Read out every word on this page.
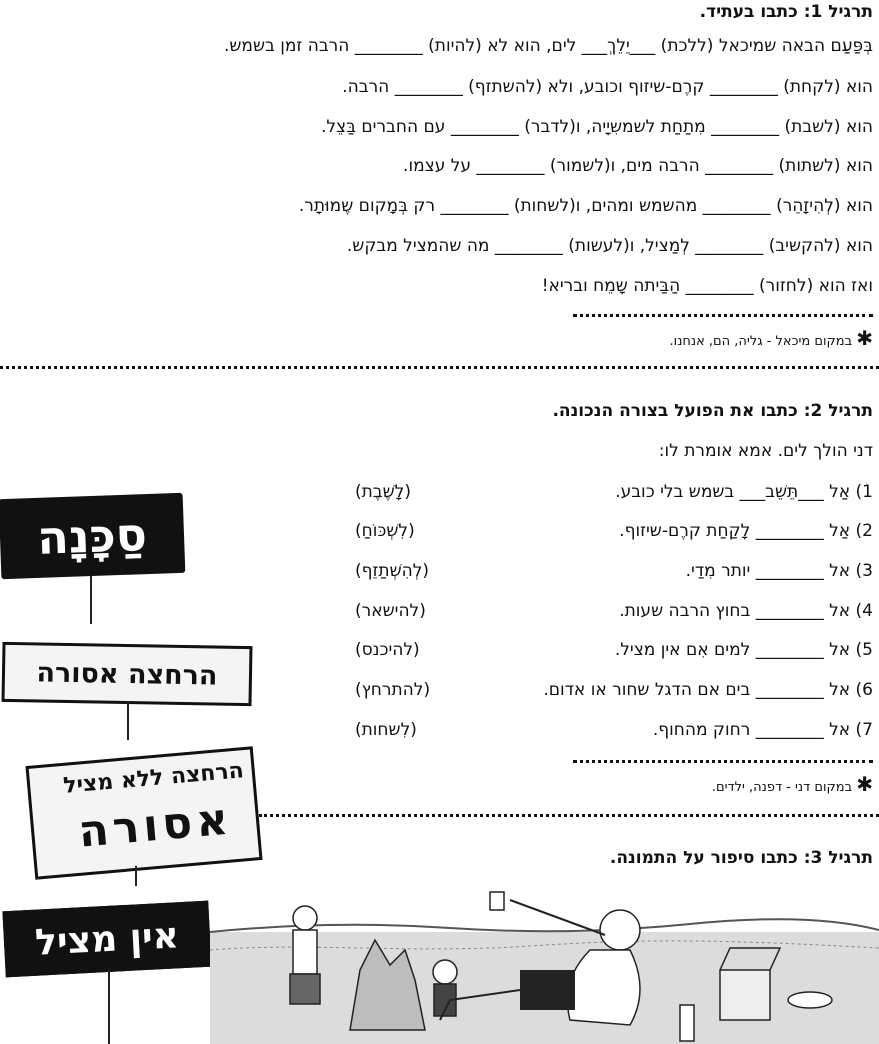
תרגיל 1: כתבו בעתיד.
בְּפַּעַם הבאה שמיכאל (ללכת) ___יֵלֵךְ___ לים, הוא לא (להיות) ________ הרבה זמן בשמש.
הוא (לקחת) ________ קרֶם-שיזוף וכובע, ולא (להשתזף) ________ הרבה.
הוא (לשבת) ________ מִתַחַת לשמשִיָיה, ו(לדבר) ________ עם החברים בַּצֵל.
הוא (לשתות) ________ הרבה מים, ו(לשמור) ________ על עצמו.
הוא (לְהִיזָהֵר) ________ מהשמש ומהים, ו(לשחות) ________ רק בְּמָקום שֶמוּתָר.
הוא (להקשיב) ________ לְמַציל, ו(לעשות) ________ מה שהמציל מבקש.
ואז הוא (לחזור) ________ הַבַּיתה שָמֵח ובריא!
✱ במקום מיכאל - גליה, הם, אנחנו.
תרגיל 2: כתבו את הפועל בצורה הנכונה.
דני הולך לים. אמא אומרת לו:
1) אַל ___תֵּשֵׁב___ בשמש בלי כובע.
(לָשֶׁבֶת)
2) אַל ________ לָקַחַת קרֶם-שיזוף.
(לִשְׁכּוֹחַ)
3) אל ________ יותר מִדַי.
(לְהִשְׁתַזֵף)
4) אל ________ בחוץ הרבה שעות.
(להישאר)
5) אל ________ למים אִם אין מציל.
(להיכנס)
6) אל ________ בים אם הדגל שחור או אדום.
(להתרחץ)
7) אל ________ רחוק מהחוף.
(לִשחות)
✱ במקום דני - דפנה, ילדים.
תרגיל 3: כתבו סיפור על התמונה.
סַכָּנָה
הרחצה אסורה
הרחצה ללא מציל
אסורה
אין מציל
